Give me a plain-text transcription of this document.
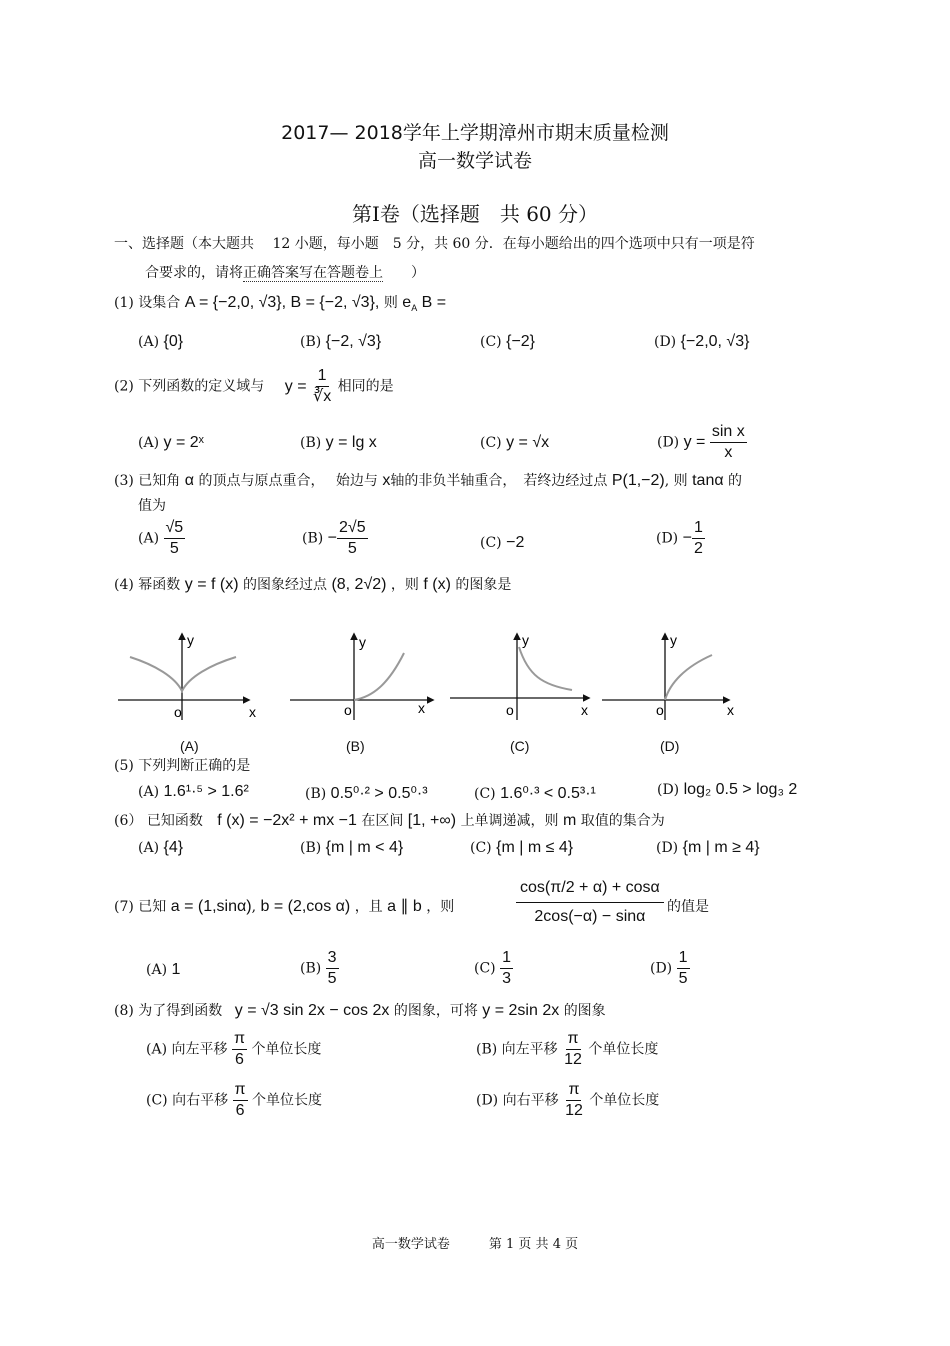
2017— 2018学年上学期漳州市期末质量检测
高一数学试卷
第Ⅰ卷（选择题　共 60 分）
一、选择题（本大题共　 12 小题，每小题　5 分，共 60 分．在每小题给出的四个选项中只有一项是符
合要求的，请将正确答案写在答题卷上　　）
(1) 设集合 A = {−2,0, √3}, B = {−2, √3}, 则 $e_A$ B =
(A) {0}	(B) {−2, √3}	(C) {−2}	(D) {−2,0, √3}
(2) 下列函数的定义域与 $y = \frac{1}{∛x}$ 相同的是
(A) y = 2ˣ	(B) y = lg x	(C) y = √x	(D) $y = \frac{\text{sin x}}{x}$
(3) 已知角 α 的顶点与原点重合，　 始边与 x轴的非负半轴重合，　若终边经过点 P(1,−2), 则 tanα 的
值为
$(A) \frac{√5}{5}$	$(B) - \frac{2√5}{5}$	(C) −2	$(D) - \frac{1}{2}$
(4) 幂函数 y = f (x) 的图象经过点 (8, 2√2) ，则 f (x) 的图象是
y
o	x
y
o	x
y
o	x
y
o	x
(A)	(B)	(C)	(D)
(5) 下列判断正确的是
(A) 1.6¹·⁵ > 1.6²	(B) 0.5⁰·² > 0.5⁰·³	(C) 1.6⁰·³ < 0.5³·¹	(D) log₂ 0.5 > log₃ 2
(6） 已知函数 f (x) = −2x² + mx −1 在区间 [1, +∞) 上单调递减，则 m 取值的集合为
(A) {4}	(B) {m | m < 4}	(C) {m | m ≤ 4}	(D) {m | m ≥ 4}
(7) 已知 a = (1,sinα), b = (2,cos α) ，且 a ∥ b ，则	$\frac{\cos(\pi/2 + \alpha) + \cos\alpha}{2\cos(-\alpha) - \sin\alpha}$ 的值是
(A) 1	$(B) \frac{3}{5}$	$(C) \frac{1}{3}$	$(D) \frac{1}{5}$
(8) 为了得到函数 y = √3 sin 2x − cos 2x 的图象，可将 y = 2sin 2x 的图象
(A) 向左平移 $\frac{\pi}{6}$ 个单位长度	(B) 向左平移 $\frac{\pi}{12}$ 个单位长度
(C) 向右平移 $\frac{\pi}{6}$ 个单位长度	(D) 向右平移 $\frac{\pi}{12}$ 个单位长度
高一数学试卷　　　第 1 页 共 4 页
